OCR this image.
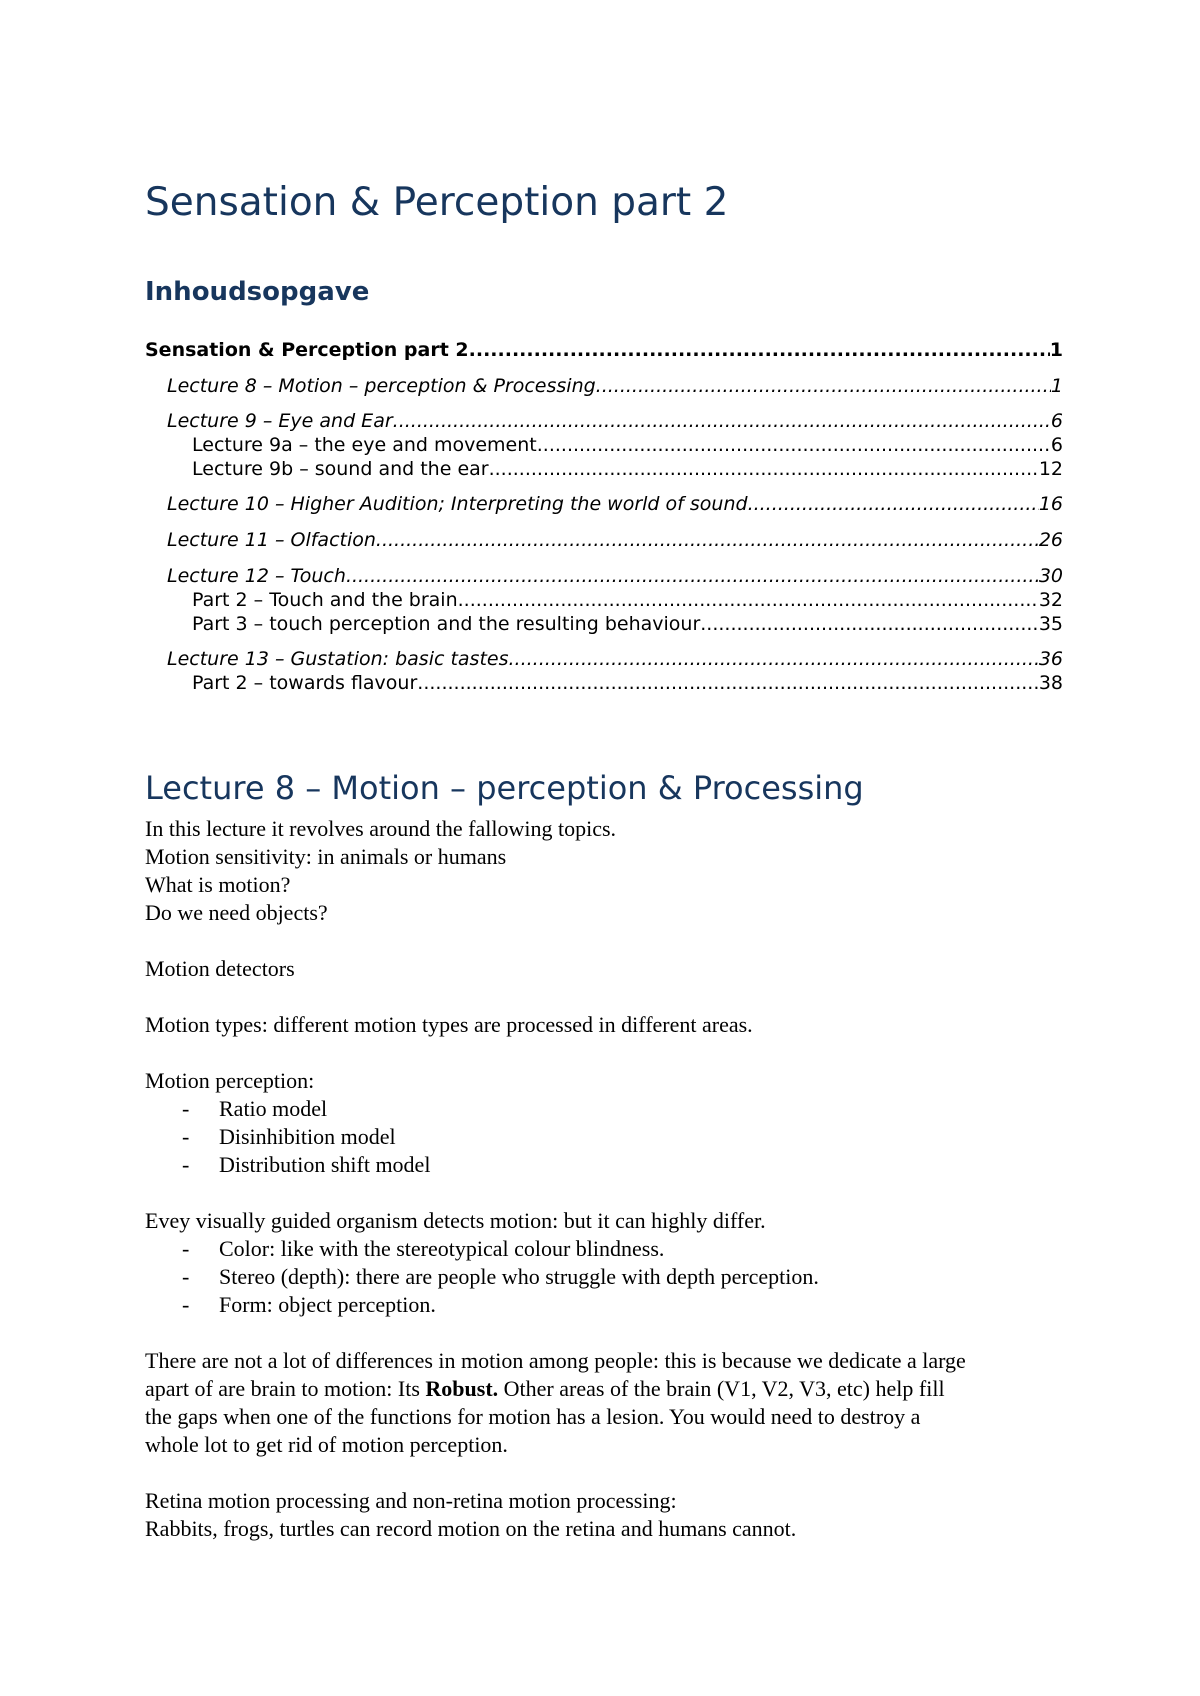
Sensation & Perception part 2
Inhoudsopgave
Sensation & Perception part 2 .....	1
Lecture 8 – Motion – perception & Processing .....	1
Lecture 9 – Eye and Ear .....	6
Lecture 9a – the eye and movement .....	6
Lecture 9b – sound and the ear .....	12
Lecture 10 – Higher Audition; Interpreting the world of sound .....	16
Lecture 11 – Olfaction .....	26
Lecture 12 – Touch .....	30
Part 2 – Touch and the brain .....	32
Part 3 – touch perception and the resulting behaviour .....	35
Lecture 13 – Gustation: basic tastes .....	36
Part 2 – towards flavour .....	38
Lecture 8 – Motion – perception & Processing
In this lecture it revolves around the fallowing topics.
Motion sensitivity: in animals or humans
What is motion?
Do we need objects?
Motion detectors
Motion types: different motion types are processed in different areas.
Motion perception:
- Ratio model
- Disinhibition model
- Distribution shift model
Evey visually guided organism detects motion: but it can highly differ.
- Color: like with the stereotypical colour blindness.
- Stereo (depth): there are people who struggle with depth perception.
- Form: object perception.
There are not a lot of differences in motion among people: this is because we dedicate a large
apart of are brain to motion: Its Robust. Other areas of the brain (V1, V2, V3, etc) help fill
the gaps when one of the functions for motion has a lesion. You would need to destroy a
whole lot to get rid of motion perception.
Retina motion processing and non-retina motion processing:
Rabbits, frogs, turtles can record motion on the retina and humans cannot.
